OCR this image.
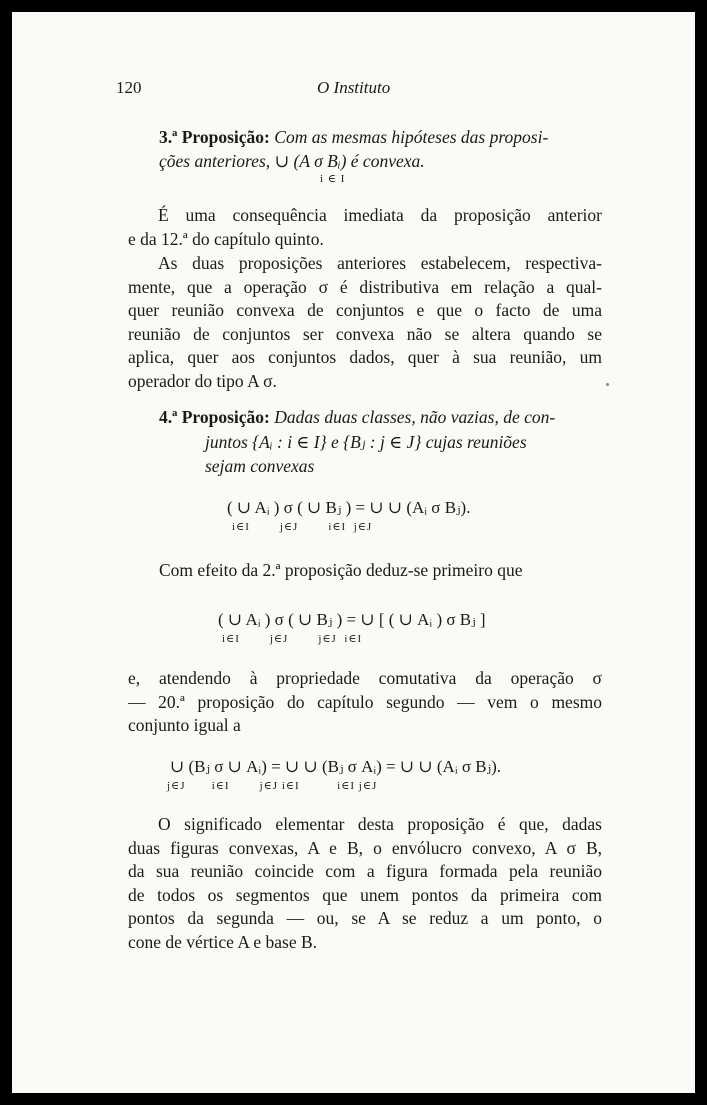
120	O Instituto
3.ª Proposição: Com as mesmas hipóteses das proposi-
ções anteriores, ∪ (A σ Bᵢ) é convexa.
i ∈ I
É uma consequência imediata da proposição anterior
e da 12.ª do capítulo quinto.
As duas proposições anteriores estabelecem, respectiva-
mente, que a operação σ é distributiva em relação a qual-
quer reunião convexa de conjuntos e que o facto de uma
reunião de conjuntos ser convexa não se altera quando se
aplica, quer aos conjuntos dados, quer à sua reunião, um
operador do tipo A σ.
4.ª Proposição: Dadas duas classes, não vazias, de con-
juntos {Aᵢ : i ∈ I} e {Bⱼ : j ∈ J} cujas reuniões
sejam convexas
( ∪ Aᵢ ) σ ( ∪ Bⱼ ) = ∪ ∪ (Aᵢ σ Bⱼ).
i∈I        j∈J        i∈I  j∈J
Com efeito da 2.ª proposição deduz-se primeiro que
( ∪ Aᵢ ) σ ( ∪ Bⱼ ) = ∪ [ ( ∪ Aᵢ ) σ Bⱼ ]
i∈I        j∈J        j∈J  i∈I
e, atendendo à propriedade comutativa da operação σ
— 20.ª proposição do capítulo segundo — vem o mesmo
conjunto igual a
∪ (Bⱼ σ ∪ Aᵢ) = ∪ ∪ (Bⱼ σ Aᵢ) = ∪ ∪ (Aᵢ σ Bⱼ).
j∈J       i∈I        j∈J i∈I          i∈I j∈J
O significado elementar desta proposição é que, dadas
duas figuras convexas, A e B, o envólucro convexo, A σ B,
da sua reunião coincide com a figura formada pela reunião
de todos os segmentos que unem pontos da primeira com
pontos da segunda — ou, se A se reduz a um ponto, o
cone de vértice A e base B.
